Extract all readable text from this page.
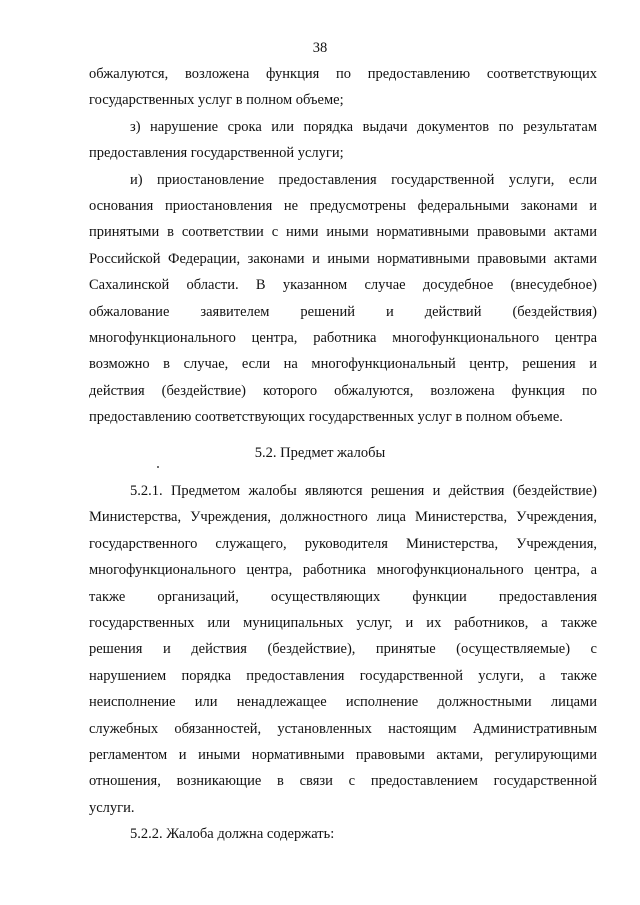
38
обжалуются, возложена функция по предоставлению соответствующих
государственных услуг в полном объеме;
з) нарушение срока или порядка выдачи документов по результатам
предоставления государственной услуги;
и) приостановление предоставления государственной услуги, если
основания приостановления не предусмотрены федеральными законами и
принятыми в соответствии с ними иными нормативными правовыми актами
Российской Федерации, законами и иными нормативными правовыми актами
Сахалинской области. В указанном случае досудебное (внесудебное)
обжалование заявителем решений и действий (бездействия)
многофункционального центра, работника многофункционального центра
возможно в случае, если на многофункциональный центр, решения и
действия (бездействие) которого обжалуются, возложена функция по
предоставлению соответствующих государственных услуг в полном объеме.
5.2. Предмет жалобы
5.2.1. Предметом жалобы являются решения и действия (бездействие)
Министерства, Учреждения, должностного лица Министерства, Учреждения,
государственного служащего, руководителя Министерства, Учреждения,
многофункционального центра, работника многофункционального центра, а
также организаций, осуществляющих функции предоставления
государственных или муниципальных услуг, и их работников, а также
решения и действия (бездействие), принятые (осуществляемые) с
нарушением порядка предоставления государственной услуги, а также
неисполнение или ненадлежащее исполнение должностными лицами
служебных обязанностей, установленных настоящим Административным
регламентом и иными нормативными правовыми актами, регулирующими
отношения, возникающие в связи с предоставлением государственной
услуги.
5.2.2. Жалоба должна содержать:
